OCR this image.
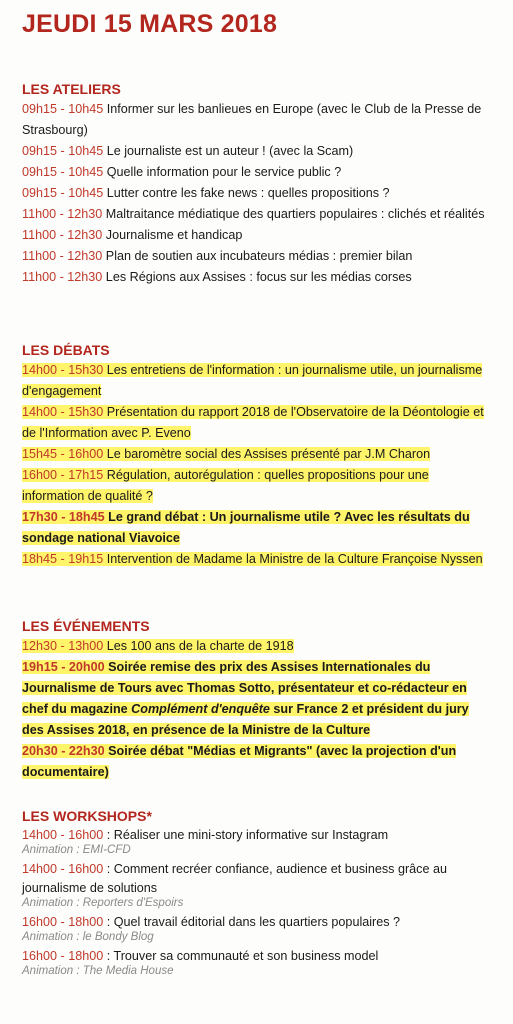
JEUDI 15 MARS 2018
LES ATELIERS
09h15 - 10h45 Informer sur les banlieues en Europe (avec le Club de la Presse de Strasbourg)
09h15 - 10h45 Le journaliste est un auteur ! (avec la Scam)
09h15 - 10h45 Quelle information pour le service public ?
09h15 - 10h45 Lutter contre les fake news : quelles propositions ?
11h00 - 12h30 Maltraitance médiatique des quartiers populaires : clichés et réalités
11h00 - 12h30 Journalisme et handicap
11h00 - 12h30 Plan de soutien aux incubateurs médias : premier bilan
11h00 - 12h30 Les Régions aux Assises : focus sur les médias corses
LES DÉBATS
14h00 - 15h30 Les entretiens de l'information : un journalisme utile, un journalisme d'engagement
14h00 - 15h30 Présentation du rapport 2018 de l'Observatoire de la Déontologie et de l'Information avec P. Eveno
15h45 - 16h00 Le baromètre social des Assises présenté par J.M Charon
16h00 - 17h15 Régulation, autorégulation : quelles propositions pour une information de qualité ?
17h30 - 18h45 Le grand débat : Un journalisme utile ? Avec les résultats du sondage national Viavoice
18h45 - 19h15 Intervention de Madame la Ministre de la Culture Françoise Nyssen
LES ÉVÉNEMENTS
12h30 - 13h00 Les 100 ans de la charte de 1918
19h15 - 20h00 Soirée remise des prix des Assises Internationales du Journalisme de Tours avec Thomas Sotto, présentateur et co-rédacteur en chef du magazine Complément d'enquête sur France 2 et président du jury des Assises 2018, en présence de la Ministre de la Culture
20h30 - 22h30 Soirée débat "Médias et Migrants" (avec la projection d'un documentaire)
LES WORKSHOPS*
14h00 - 16h00 : Réaliser une mini-story informative sur Instagram
Animation : EMI-CFD
14h00 - 16h00 : Comment recréer confiance, audience et business grâce au journalisme de solutions
Animation : Reporters d'Espoirs
16h00 - 18h00 : Quel travail éditorial dans les quartiers populaires ?
Animation : le Bondy Blog
16h00 - 18h00 : Trouver sa communauté et son business model
Animation : The Media House
